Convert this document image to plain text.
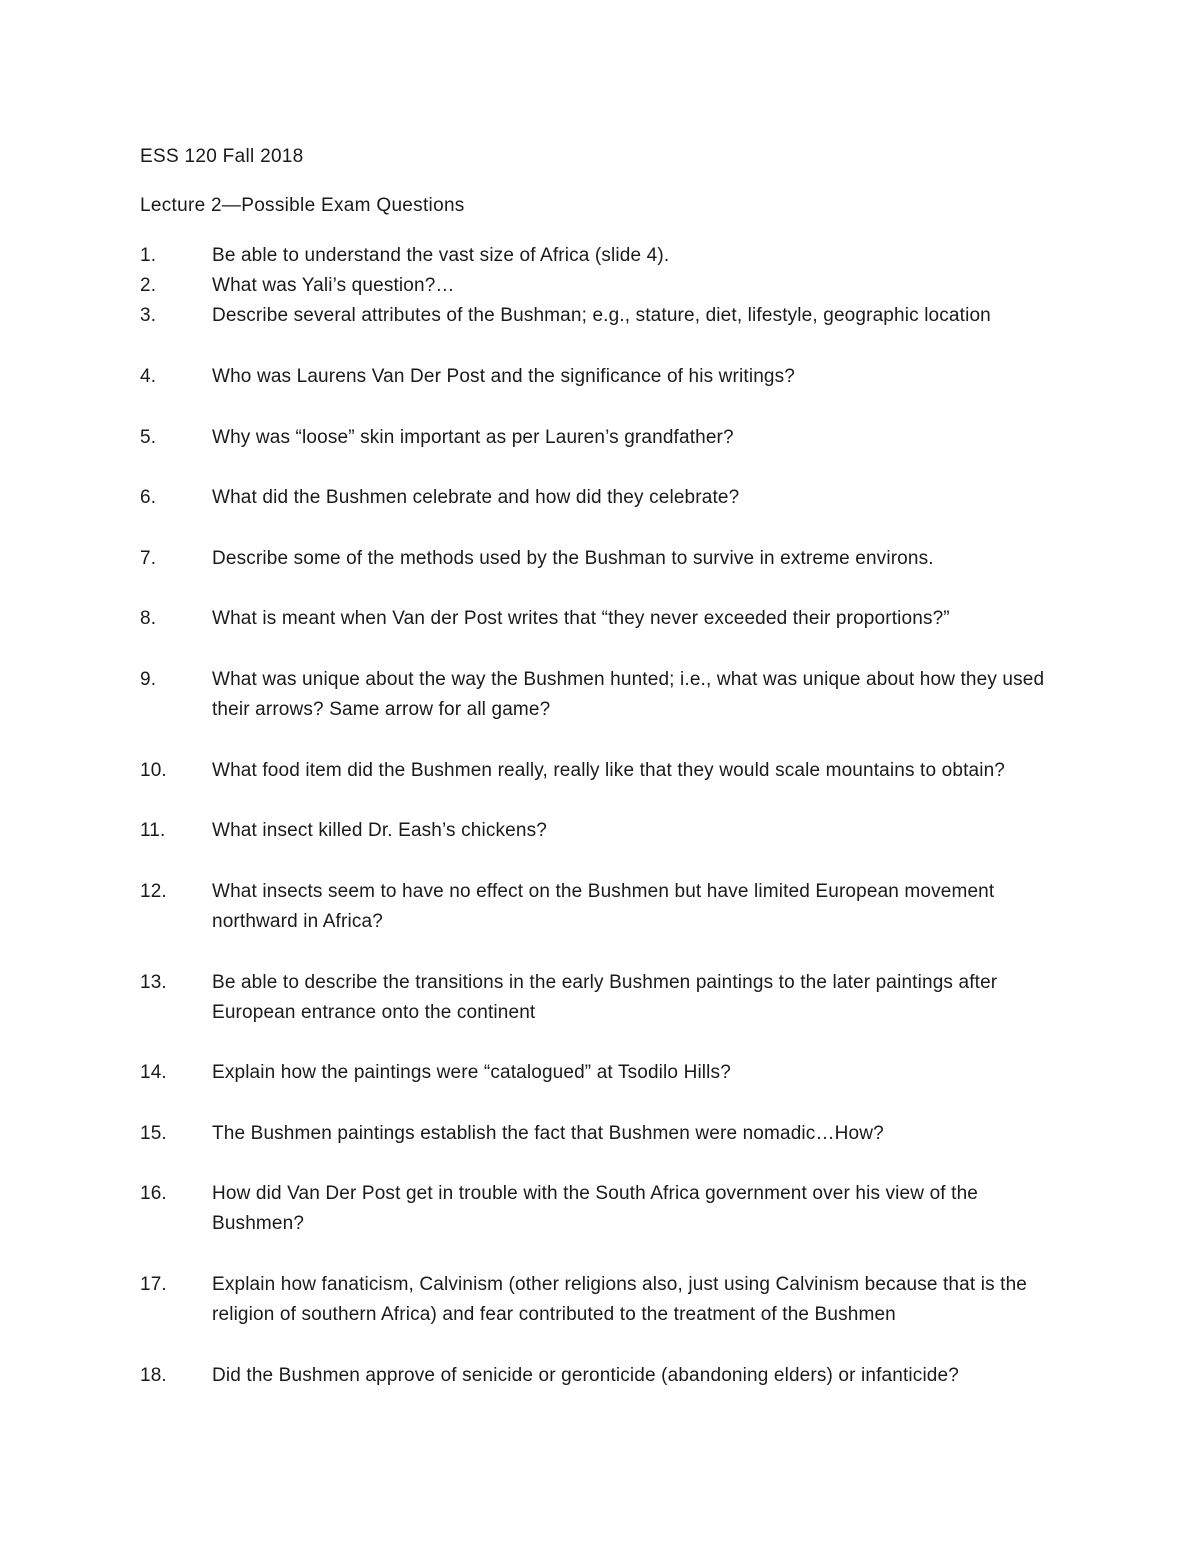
ESS 120 Fall 2018
Lecture 2—Possible Exam Questions
1.	Be able to understand the vast size of Africa (slide 4).
2.	What was Yali’s question?…
3.	Describe several attributes of the Bushman; e.g., stature, diet, lifestyle, geographic location
4.	Who was Laurens Van Der Post and the significance of his writings?
5.	Why was “loose” skin important as per Lauren’s grandfather?
6.	What did the Bushmen celebrate and how did they celebrate?
7.	Describe some of the methods used by the Bushman to survive in extreme environs.
8.	What is meant when Van der Post writes that “they never exceeded their proportions?”
9.	What was unique about the way the Bushmen hunted; i.e., what was unique about how they used their arrows? Same arrow for all game?
10.	What food item did the Bushmen really, really like that they would scale mountains to obtain?
11.	What insect killed Dr. Eash’s chickens?
12.	What insects seem to have no effect on the Bushmen but have limited European movement northward in Africa?
13.	Be able to describe the transitions in the early Bushmen paintings to the later paintings after European entrance onto the continent
14.	Explain how the paintings were “catalogued” at Tsodilo Hills?
15.	The Bushmen paintings establish the fact that Bushmen were nomadic…How?
16.	How did Van Der Post get in trouble with the South Africa government over his view of the Bushmen?
17.	Explain how fanaticism, Calvinism (other religions also, just using Calvinism because that is the religion of southern Africa) and fear contributed to the treatment of the Bushmen
18.	Did the Bushmen approve of senicide or geronticide (abandoning elders) or infanticide?
